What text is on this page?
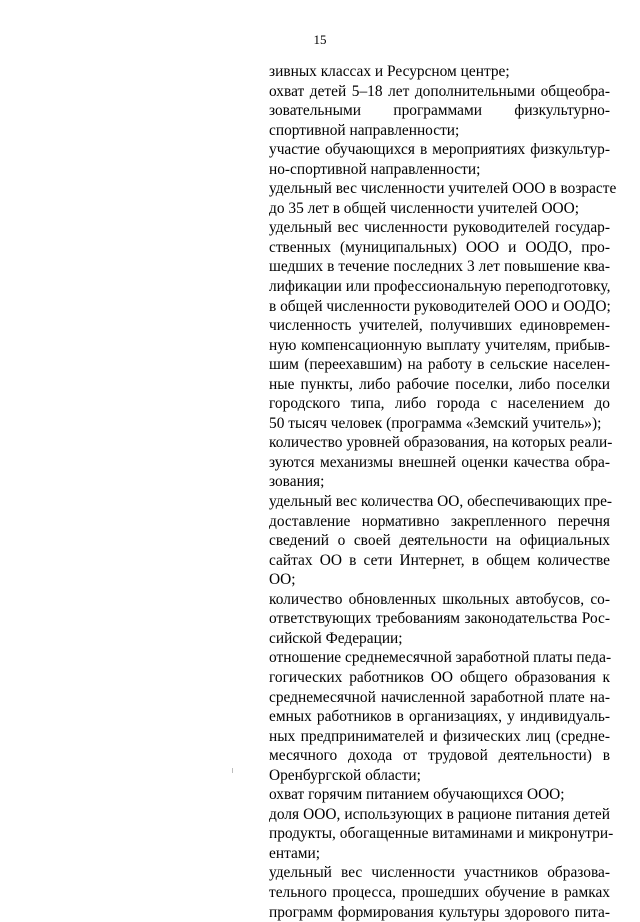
15
зивных классах и Ресурсном центре;
охват детей 5–18 лет дополнительными общеобра-
зовательными программами физкультурно-
спортивной направленности;
участие обучающихся в мероприятиях физкультур-
но-спортивной направленности;
удельный вес численности учителей ООО в возрасте
до 35 лет в общей численности учителей ООО;
удельный вес численности руководителей государ-
ственных (муниципальных) ООО и ООДО, про-
шедших в течение последних 3 лет повышение ква-
лификации или профессиональную переподготовку,
в общей численности руководителей ООО и ООДО;
численность учителей, получивших единовремен-
ную компенсационную выплату учителям, прибыв-
шим (переехавшим) на работу в сельские населен-
ные пункты, либо рабочие поселки, либо поселки
городского типа, либо города с населением до
50 тысяч человек (программа «Земский учитель»);
количество уровней образования, на которых реали-
зуются механизмы внешней оценки качества обра-
зования;
удельный вес количества ОО, обеспечивающих пре-
доставление нормативно закрепленного перечня
сведений о своей деятельности на официальных
сайтах ОО в сети Интернет, в общем количестве
ОО;
количество обновленных школьных автобусов, со-
ответствующих требованиям законодательства Рос-
сийской Федерации;
отношение среднемесячной заработной платы педа-
гогических работников ОО общего образования к
среднемесячной начисленной заработной плате на-
емных работников в организациях, у индивидуаль-
ных предпринимателей и физических лиц (средне-
месячного дохода от трудовой деятельности) в
Оренбургской области;
охват горячим питанием обучающихся ООО;
доля ООО, использующих в рационе питания детей
продукты, обогащенные витаминами и микронутри-
ентами;
удельный вес численности участников образова-
тельного процесса, прошедших обучение в рамках
программ формирования культуры здорового пита-
